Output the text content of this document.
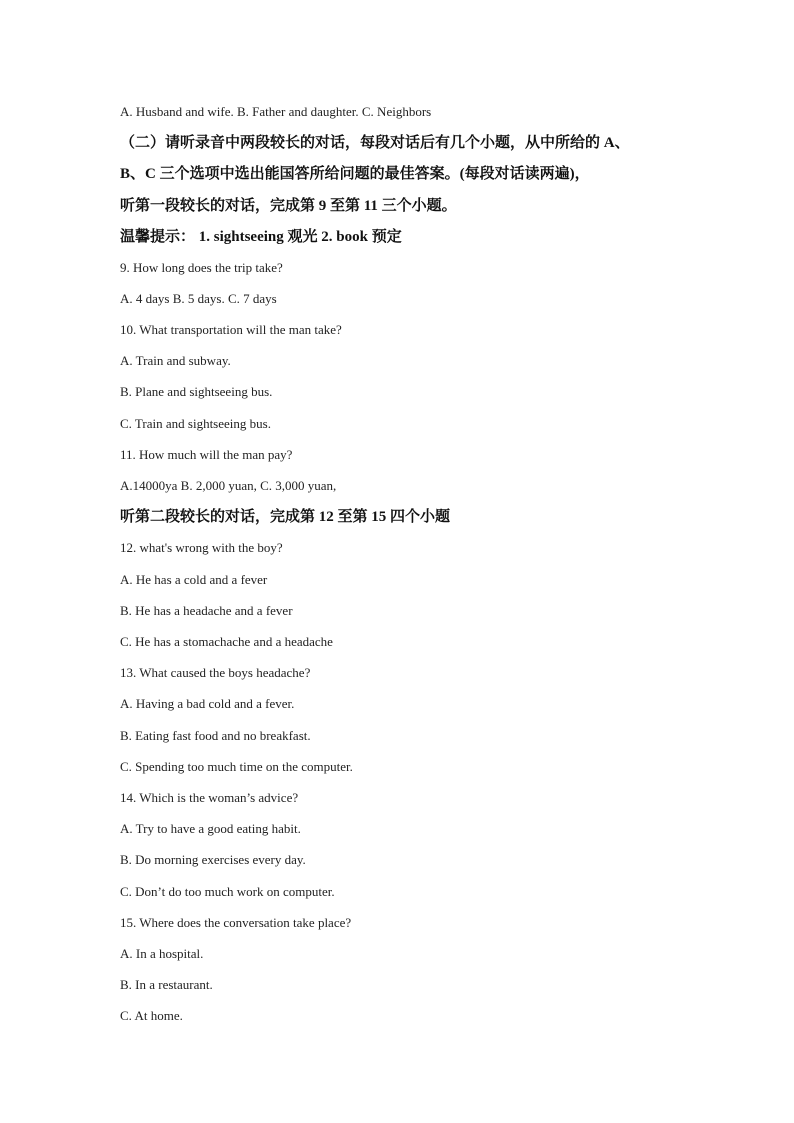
A. Husband and wife. B. Father and daughter. C. Neighbors
（二）请听录音中两段较长的对话，每段对话后有几个小题，从中所给的 A、
B、C 三个选项中选出能国答所给问题的最佳答案。(每段对话读两遍)，
听第一段较长的对话，完成第 9 至第 11 三个小题。
温馨提示： 1. sightseeing 观光 2. book 预定
9. How long does the trip take?
A. 4 days B. 5 days. C. 7 days
10. What transportation will the man take?
A. Train and subway.
B. Plane and sightseeing bus.
C. Train and sightseeing bus.
11. How much will the man pay?
A.14000ya B. 2,000 yuan, C. 3,000 yuan,
听第二段较长的对话，完成第 12 至第 15 四个小题
12. what's wrong with the boy?
A. He has a cold and a fever
B. He has a headache and a fever
C. He has a stomachache and a headache
13. What caused the boys headache?
A. Having a bad cold and a fever.
B. Eating fast food and no breakfast.
C. Spending too much time on the computer.
14. Which is the woman’s advice?
A. Try to have a good eating habit.
B. Do morning exercises every day.
C. Don’t do too much work on computer.
15. Where does the conversation take place?
A. In a hospital.
B. In a restaurant.
C. At home.
